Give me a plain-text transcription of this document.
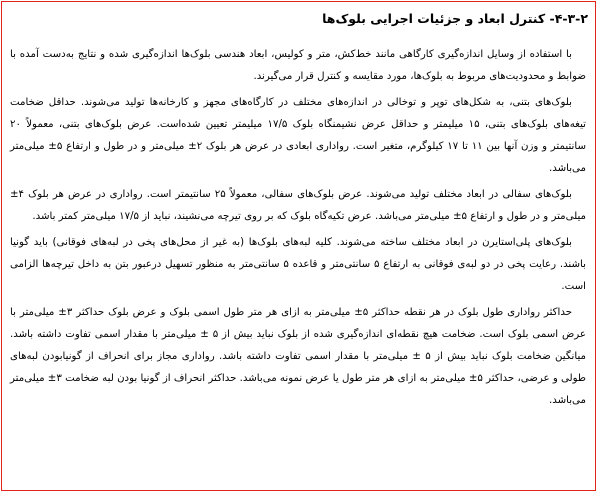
۴-۳-۲- کنترل ابعاد و جزئیات اجرایی بلوک‌ها

با استفاده از وسایل اندازه‌گیری کارگاهی مانند خط‌کش، متر و کولیس، ابعاد هندسی بلوک‌ها اندازه‌گیری شده و نتایج به‌دست آمده با ضوابط و محدودیت‌های مربوط به بلوک‌ها، مورد مقایسه و کنترل قرار می‌گیرند.

بلوک‌های بتنی، به شکل‌های توپر و توخالی در اندازه‌های مختلف در کارگاه‌های مجهز و کارخانه‌ها تولید می‌شوند. حداقل ضخامت تیغه‌های بلوک‌های بتنی، ۱۵ میلیمتر و حداقل عرض نشیمنگاه بلوک ۱۷/۵ میلیمتر تعیین شده‌است. عرض بلوک‌های بتنی، معمولاً ۲۰ سانتیمتر و وزن آنها بین ۱۱ تا ۱۷ کیلوگرم، متغیر است. رواداری ابعادی در عرض هر بلوک ۲± میلی‌متر و در طول و ارتفاع ۵± میلی‌متر می‌باشد.

بلوک‌های سفالی در ابعاد مختلف تولید می‌شوند. عرض بلوک‌های سفالی، معمولاً ۲۵ سانتیمتر است. رواداری در عرض هر بلوک ۴± میلی‌متر و در طول و ارتفاع ۵± میلی‌متر می‌باشد. عرض تکیه‌گاه بلوک که بر روی تیرچه می‌نشیند، نباید از ۱۷/۵ میلی‌متر کمتر باشد.

بلوک‌های پلی‌استایرن در ابعاد مختلف ساخته می‌شوند. کلیه لبه‌های بلوک‌ها (به غیر از محل‌های پخی در لبه‌های فوقانی) باید گونیا باشند. رعایت پخی در دو لبه‌ی فوقانی به ارتفاع ۵ سانتی‌متر و قاعده ۵ سانتی‌متر به منظور تسهیل درعبور بتن به داخل تیرچه‌ها الزامی است.

حداکثر رواداری طول بلوک در هر نقطه حداکثر ۵± میلی‌متر به ازای هر متر طول اسمی بلوک و عرض بلوک حداکثر ۳± میلی‌متر با عرض اسمی بلوک است. ضخامت هیچ نقطه‌ای اندازه‌گیری شده از بلوک نباید بیش از ۵ ± میلی‌متر با مقدار اسمی تفاوت داشته باشد. میانگین ضخامت بلوک نباید بیش از ۵ ± میلی‌متر با مقدار اسمی تفاوت داشته باشد. رواداری مجاز برای انحراف از گونیابودن لبه‌های طولی و عرضی، حداکثر ۵± میلی‌متر به ازای هر متر طول یا عرض نمونه می‌باشد. حداکثر انحراف از گونیا بودن لبه ضخامت ۳± میلی‌متر می‌باشد.
